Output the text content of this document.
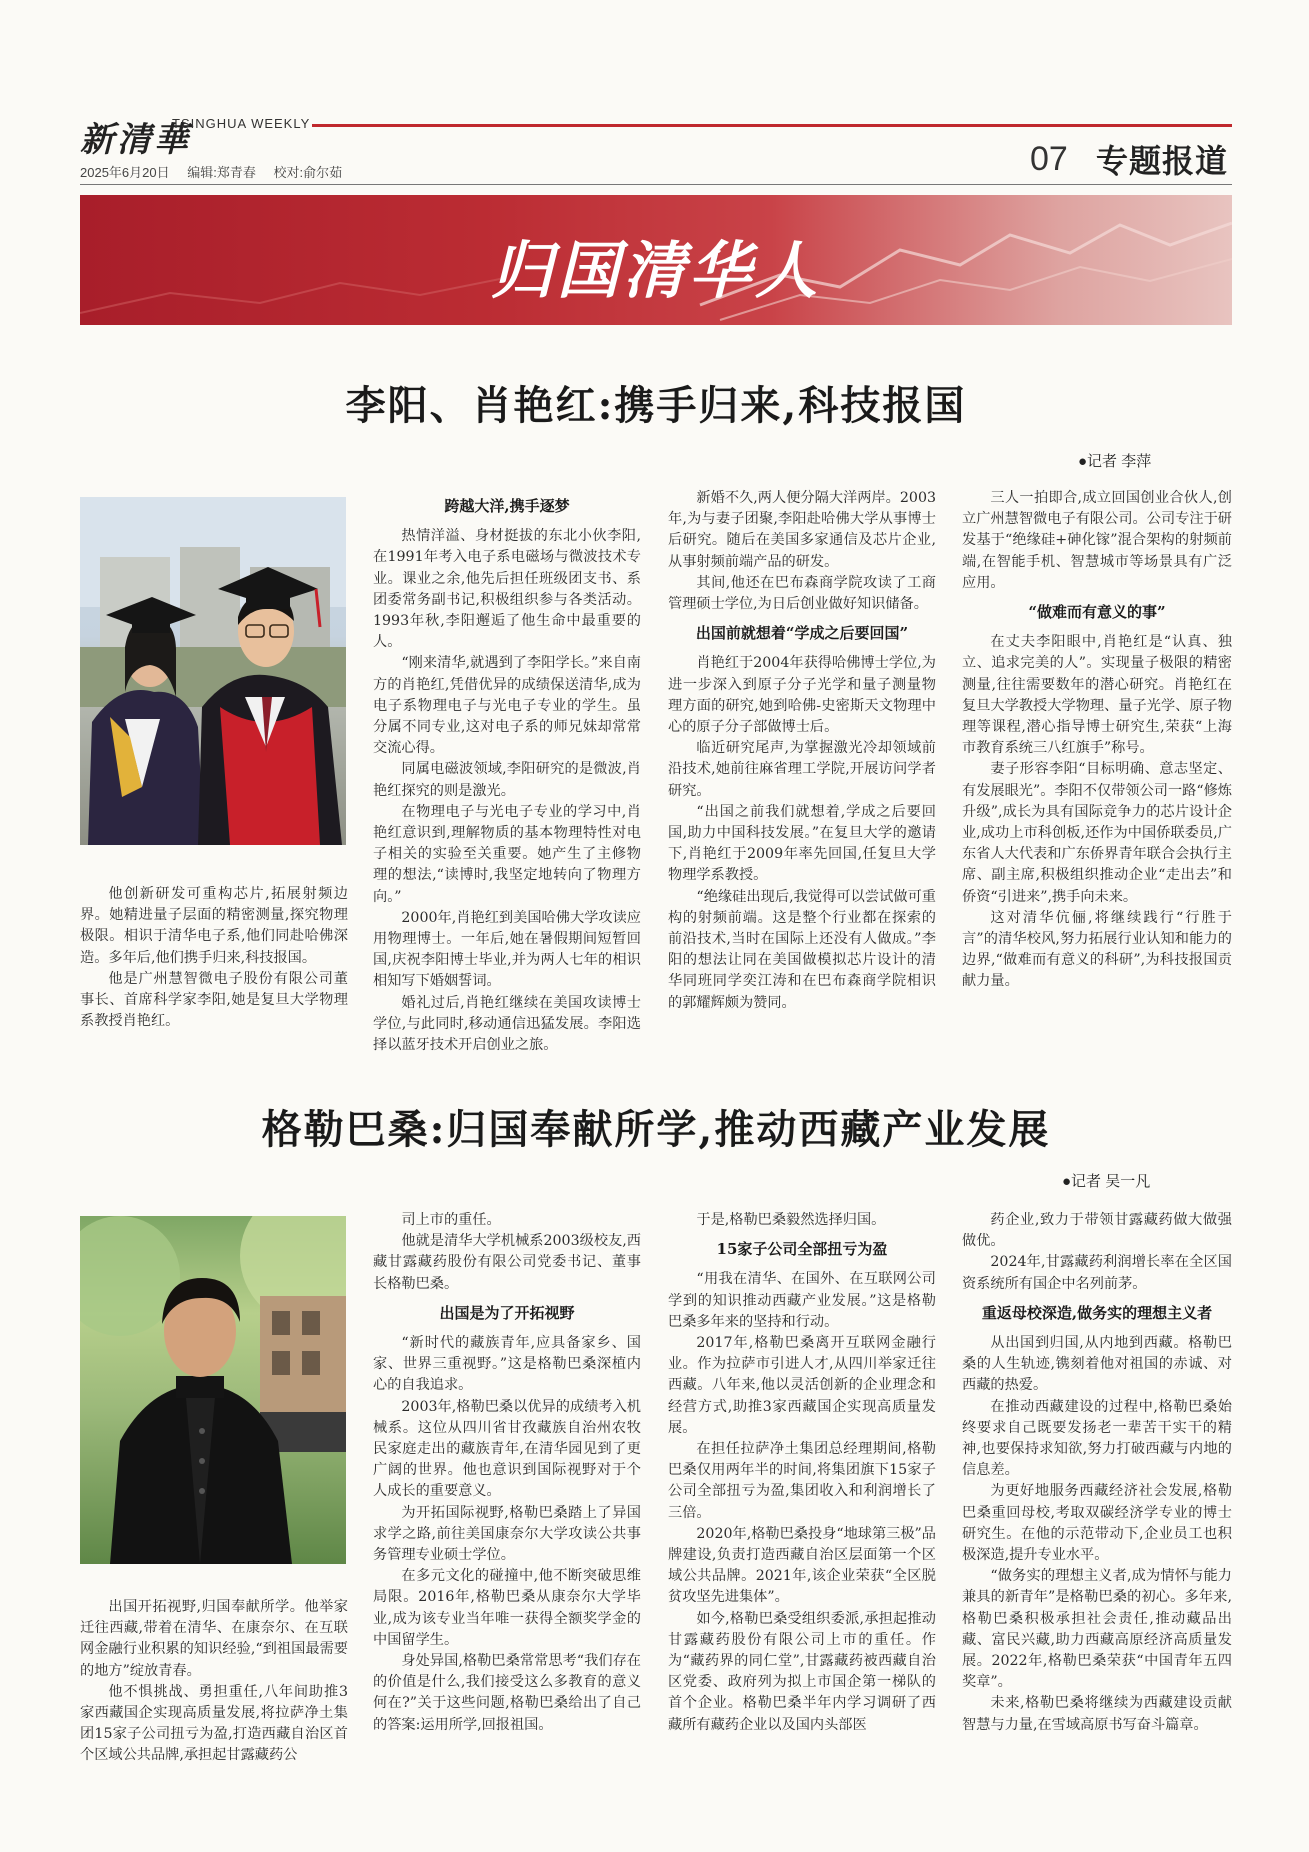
新清華
TSINGHUA WEEKLY
2025年6月20日 编辑:郑青春 校对:俞尔茹	07 专题报道
归国清华人
李阳、肖艳红:携手归来,科技报国
●记者 李萍

他创新研发可重构芯片,拓展射频边界。她精进量子层面的精密测量,探究物理极限。相识于清华电子系,他们同赴哈佛深造。多年后,他们携手归来,科技报国。

他是广州慧智微电子股份有限公司董事长、首席科学家李阳,她是复旦大学物理系教授肖艳红。

跨越大洋,携手逐梦

热情洋溢、身材挺拔的东北小伙李阳,在1991年考入电子系电磁场与微波技术专业。课业之余,他先后担任班级团支书、系团委常务副书记,积极组织参与各类活动。1993年秋,李阳邂逅了他生命中最重要的人。

“刚来清华,就遇到了李阳学长。”来自南方的肖艳红,凭借优异的成绩保送清华,成为电子系物理电子与光电子专业的学生。虽分属不同专业,这对电子系的师兄妹却常常交流心得。

同属电磁波领域,李阳研究的是微波,肖艳红探究的则是激光。

在物理电子与光电子专业的学习中,肖艳红意识到,理解物质的基本物理特性对电子相关的实验至关重要。她产生了主修物理的想法,“读博时,我坚定地转向了物理方向。”

2000年,肖艳红到美国哈佛大学攻读应用物理博士。一年后,她在暑假期间短暂回国,庆祝李阳博士毕业,并为两人七年的相识相知写下婚姻誓词。

婚礼过后,肖艳红继续在美国攻读博士学位,与此同时,移动通信迅猛发展。李阳选择以蓝牙技术开启创业之旅。

新婚不久,两人便分隔大洋两岸。2003年,为与妻子团聚,李阳赴哈佛大学从事博士后研究。随后在美国多家通信及芯片企业,从事射频前端产品的研发。

其间,他还在巴布森商学院攻读了工商管理硕士学位,为日后创业做好知识储备。

出国前就想着“学成之后要回国”

肖艳红于2004年获得哈佛博士学位,为进一步深入到原子分子光学和量子测量物理方面的研究,她到哈佛-史密斯天文物理中心的原子分子部做博士后。

临近研究尾声,为掌握激光冷却领域前沿技术,她前往麻省理工学院,开展访问学者研究。

“出国之前我们就想着,学成之后要回国,助力中国科技发展。”在复旦大学的邀请下,肖艳红于2009年率先回国,任复旦大学物理学系教授。

“绝缘硅出现后,我觉得可以尝试做可重构的射频前端。这是整个行业都在探索的前沿技术,当时在国际上还没有人做成。”李阳的想法让同在美国做模拟芯片设计的清华同班同学奕江涛和在巴布森商学院相识的郭耀辉颇为赞同。

三人一拍即合,成立回国创业合伙人,创立广州慧智微电子有限公司。公司专注于研发基于“绝缘硅+砷化镓”混合架构的射频前端,在智能手机、智慧城市等场景具有广泛应用。

“做难而有意义的事”

在丈夫李阳眼中,肖艳红是“认真、独立、追求完美的人”。实现量子极限的精密测量,往往需要数年的潜心研究。肖艳红在复旦大学教授大学物理、量子光学、原子物理等课程,潜心指导博士研究生,荣获“上海市教育系统三八红旗手”称号。

妻子形容李阳“目标明确、意志坚定、有发展眼光”。李阳不仅带领公司一路“修炼升级”,成长为具有国际竞争力的芯片设计企业,成功上市科创板,还作为中国侨联委员,广东省人大代表和广东侨界青年联合会执行主席、副主席,积极组织推动企业“走出去”和侨资“引进来”,携手向未来。

这对清华伉俪,将继续践行“行胜于言”的清华校风,努力拓展行业认知和能力的边界,“做难而有意义的科研”,为科技报国贡献力量。

格勒巴桑:归国奉献所学,推动西藏产业发展
●记者 吴一凡

出国开拓视野,归国奉献所学。他举家迁往西藏,带着在清华、在康奈尔、在互联网金融行业积累的知识经验,“到祖国最需要的地方”绽放青春。

他不惧挑战、勇担重任,八年间助推3家西藏国企实现高质量发展,将拉萨净土集团15家子公司扭亏为盈,打造西藏自治区首个区域公共品牌,承担起甘露藏药公

司上市的重任。

他就是清华大学机械系2003级校友,西藏甘露藏药股份有限公司党委书记、董事长格勒巴桑。

出国是为了开拓视野

“新时代的藏族青年,应具备家乡、国家、世界三重视野。”这是格勒巴桑深植内心的自我追求。

2003年,格勒巴桑以优异的成绩考入机械系。这位从四川省甘孜藏族自治州农牧民家庭走出的藏族青年,在清华园见到了更广阔的世界。他也意识到国际视野对于个人成长的重要意义。

为开拓国际视野,格勒巴桑踏上了异国求学之路,前往美国康奈尔大学攻读公共事务管理专业硕士学位。

在多元文化的碰撞中,他不断突破思维局限。2016年,格勒巴桑从康奈尔大学毕业,成为该专业当年唯一获得全额奖学金的中国留学生。

身处异国,格勒巴桑常常思考“我们存在的价值是什么,我们接受这么多教育的意义何在?”关于这些问题,格勒巴桑给出了自己的答案:运用所学,回报祖国。

于是,格勒巴桑毅然选择归国。

15家子公司全部扭亏为盈

“用我在清华、在国外、在互联网公司学到的知识推动西藏产业发展。”这是格勒巴桑多年来的坚持和行动。

2017年,格勒巴桑离开互联网金融行业。作为拉萨市引进人才,从四川举家迁往西藏。八年来,他以灵活创新的企业理念和经营方式,助推3家西藏国企实现高质量发展。

在担任拉萨净土集团总经理期间,格勒巴桑仅用两年半的时间,将集团旗下15家子公司全部扭亏为盈,集团收入和利润增长了三倍。

2020年,格勒巴桑投身“地球第三极”品牌建设,负责打造西藏自治区层面第一个区域公共品牌。2021年,该企业荣获“全区脱贫攻坚先进集体”。

如今,格勒巴桑受组织委派,承担起推动甘露藏药股份有限公司上市的重任。作为“藏药界的同仁堂”,甘露藏药被西藏自治区党委、政府列为拟上市国企第一梯队的首个企业。格勒巴桑半年内学习调研了西藏所有藏药企业以及国内头部医

药企业,致力于带领甘露藏药做大做强做优。

2024年,甘露藏药利润增长率在全区国资系统所有国企中名列前茅。

重返母校深造,做务实的理想主义者

从出国到归国,从内地到西藏。格勒巴桑的人生轨迹,镌刻着他对祖国的赤诚、对西藏的热爱。

在推动西藏建设的过程中,格勒巴桑始终要求自己既要发扬老一辈苦干实干的精神,也要保持求知欲,努力打破西藏与内地的信息差。

为更好地服务西藏经济社会发展,格勒巴桑重回母校,考取双碳经济学专业的博士研究生。在他的示范带动下,企业员工也积极深造,提升专业水平。

“做务实的理想主义者,成为情怀与能力兼具的新青年”是格勒巴桑的初心。多年来,格勒巴桑积极承担社会责任,推动藏品出藏、富民兴藏,助力西藏高原经济高质量发展。2022年,格勒巴桑荣获“中国青年五四奖章”。

未来,格勒巴桑将继续为西藏建设贡献智慧与力量,在雪域高原书写奋斗篇章。
